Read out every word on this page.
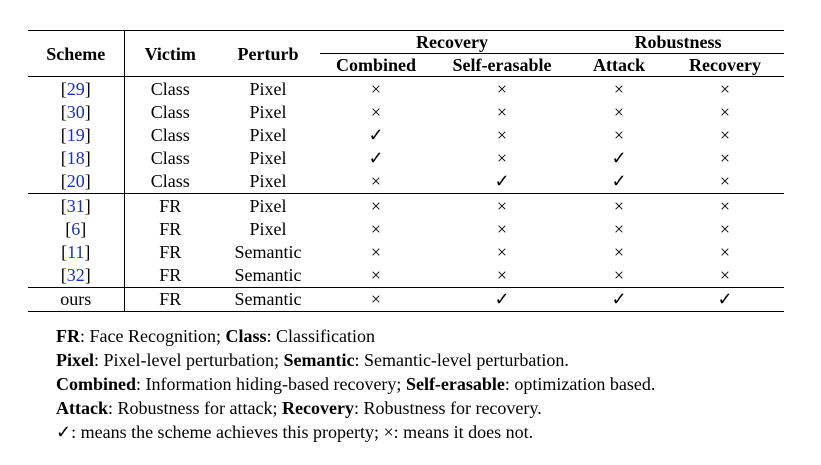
Scheme	Victim	Perturb	Recovery		Robustness	
			Combined	Self-erasable	Attack	Recovery
[29]	Class	Pixel	×	×	×	×
[30]	Class	Pixel	×	×	×	×
[19]	Class	Pixel	✓	×	×	×
[18]	Class	Pixel	✓	×	✓	×
[20]	Class	Pixel	×	✓	✓	×
[31]	FR	Pixel	×	×	×	×
[6]	FR	Pixel	×	×	×	×
[11]	FR	Semantic	×	×	×	×
[32]	FR	Semantic	×	×	×	×
ours	FR	Semantic	×	✓	✓	✓
FR: Face Recognition; Class: Classification
Pixel: Pixel-level perturbation; Semantic: Semantic-level perturbation.
Combined: Information hiding-based recovery; Self-erasable: optimization based.
Attack: Robustness for attack; Recovery: Robustness for recovery.
✓: means the scheme achieves this property; ×: means it does not.
